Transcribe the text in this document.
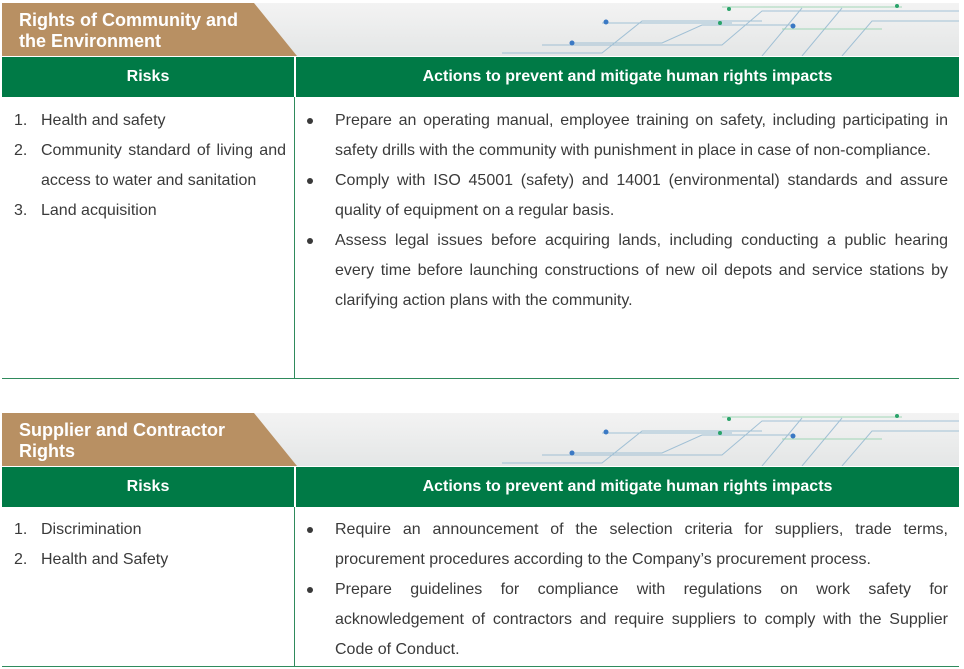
Rights of Community and the Environment
Risks	Actions to prevent and mitigate human rights impacts
1. Health and safety
2. Community standard of living and access to water and sanitation
3. Land acquisition
Prepare an operating manual, employee training on safety, including participating in safety drills with the community with punishment in place in case of non-compliance.
Comply with ISO 45001 (safety) and 14001 (environmental) standards and assure quality of equipment on a regular basis.
Assess legal issues before acquiring lands, including conducting a public hearing every time before launching constructions of new oil depots and service stations by clarifying action plans with the community.
Supplier and Contractor Rights
Risks	Actions to prevent and mitigate human rights impacts
1. Discrimination
2. Health and Safety
Require an announcement of the selection criteria for suppliers, trade terms, procurement procedures according to the Company’s procurement process.
Prepare guidelines for compliance with regulations on work safety for acknowledgement of contractors and require suppliers to comply with the Supplier Code of Conduct.
